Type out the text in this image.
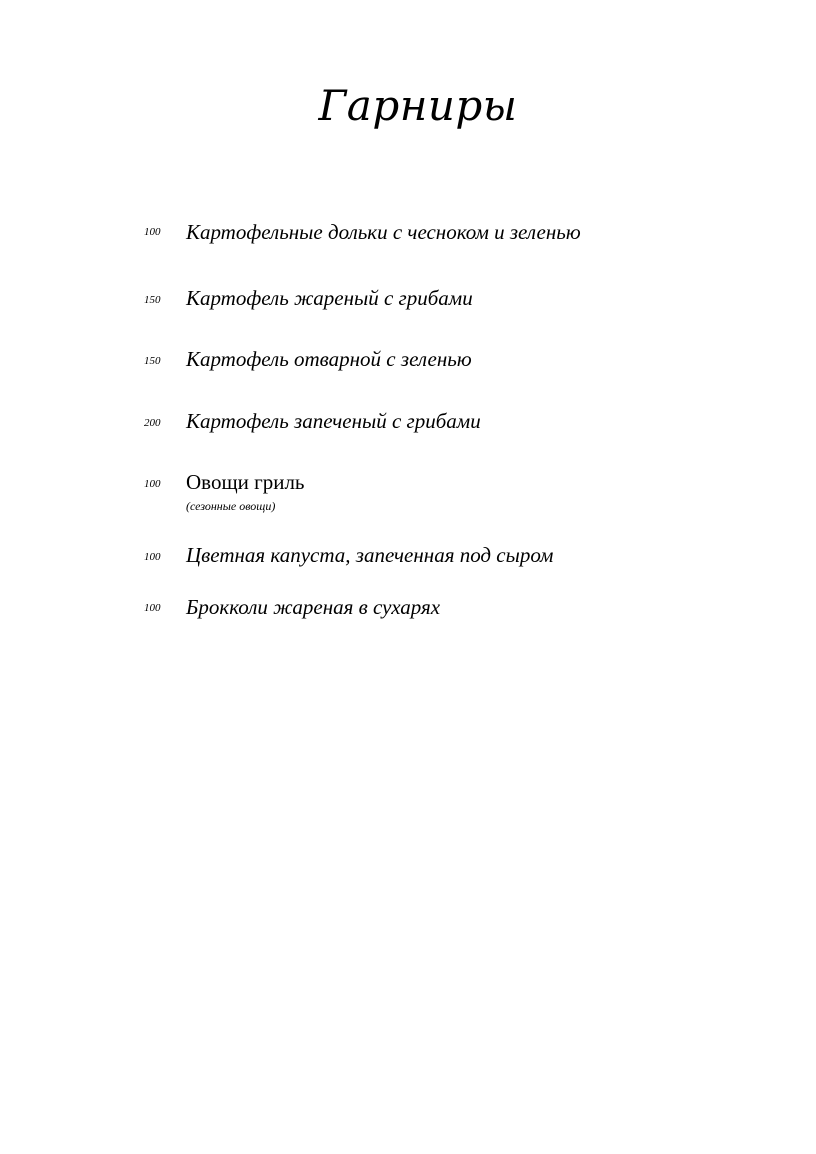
Гарниры
100 Картофельные дольки с чесноком и зеленью
150 Картофель жареный с грибами
150 Картофель отварной с зеленью
200 Картофель запеченый с грибами
100 Овощи гриль
(сезонные овощи)
100 Цветная капуста, запеченная под сыром
100 Брокколи жареная в сухарях
